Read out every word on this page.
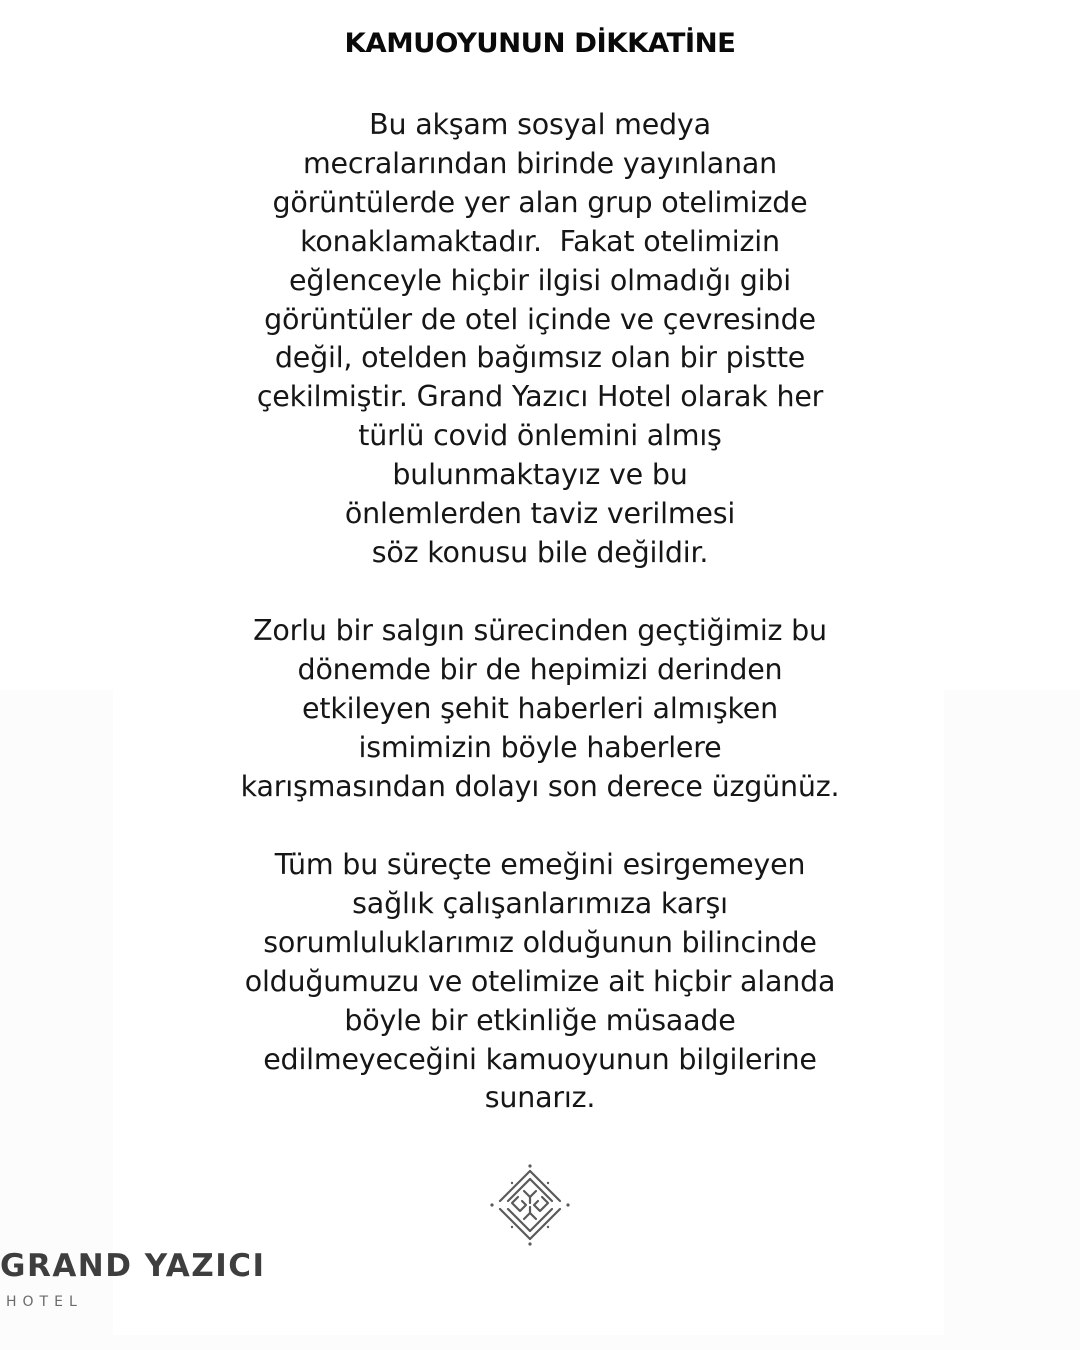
KAMUOYUNUN DİKKATİNE
Bu akşam sosyal medya
mecralarından birinde yayınlanan
görüntülerde yer alan grup otelimizde
konaklamaktadır.  Fakat otelimizin
eğlenceyle hiçbir ilgisi olmadığı gibi
görüntüler de otel içinde ve çevresinde
değil, otelden bağımsız olan bir pistte
çekilmiştir. Grand Yazıcı Hotel olarak her
türlü covid önlemini almış
bulunmaktayız ve bu
önlemlerden taviz verilmesi
söz konusu bile değildir.
Zorlu bir salgın sürecinden geçtiğimiz bu
dönemde bir de hepimizi derinden
etkileyen şehit haberleri almışken
ismimizin böyle haberlere
karışmasından dolayı son derece üzgünüz.
Tüm bu süreçte emeğini esirgemeyen
sağlık çalışanlarımıza karşı
sorumluluklarımız olduğunun bilincinde
olduğumuzu ve otelimize ait hiçbir alanda
böyle bir etkinliğe müsaade
edilmeyeceğini kamuoyunun bilgilerine
sunarız.
GRAND YAZICI
HOTEL
